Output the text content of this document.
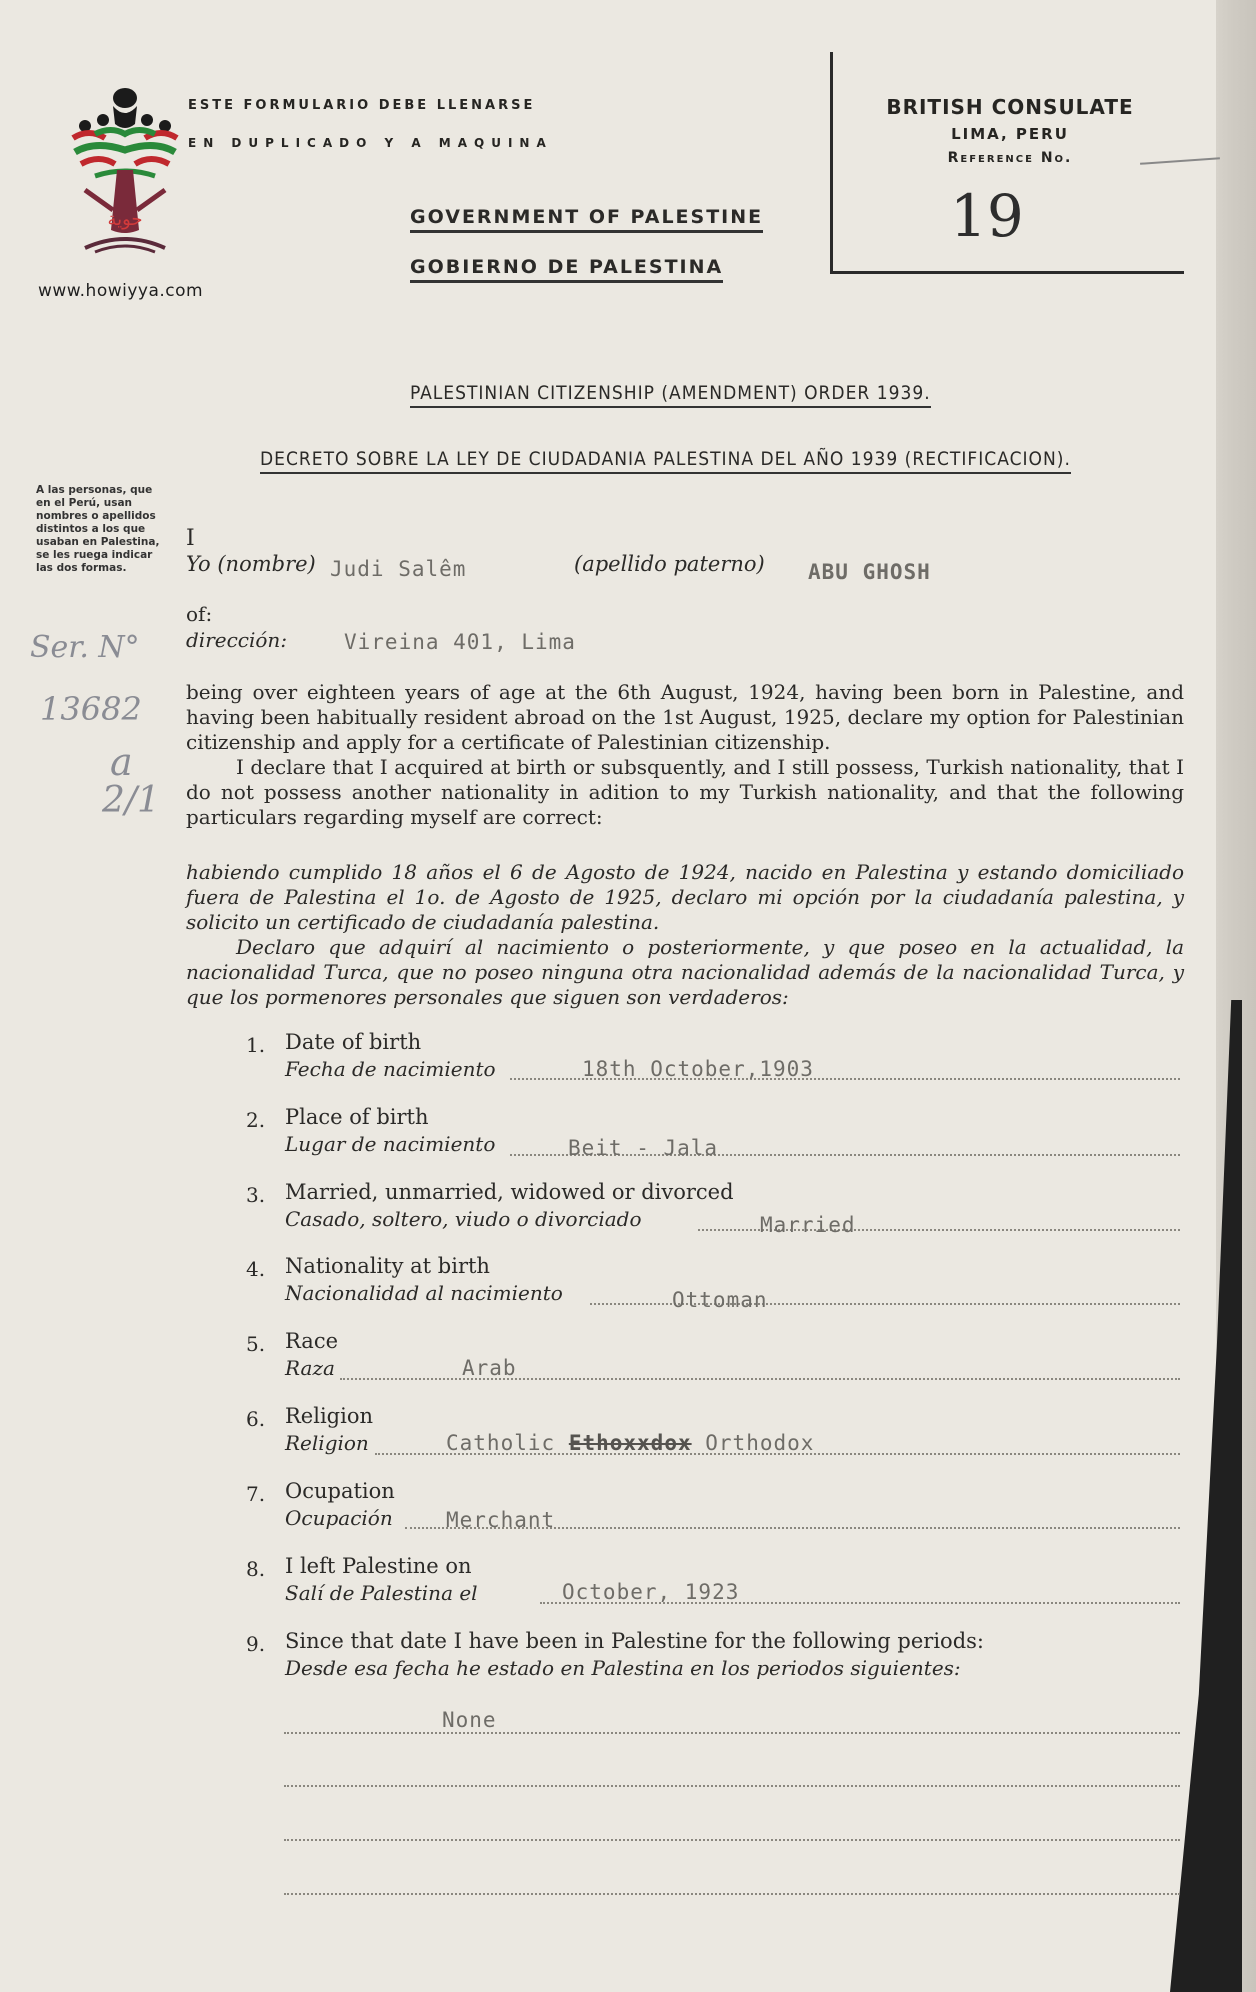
حوية
www.howiyya.com
ESTE FORMULARIO DEBE LLENARSE
EN DUPLICADO Y A MAQUINA
GOVERNMENT OF PALESTINE
GOBIERNO DE PALESTINA
BRITISH CONSULATE
LIMA, PERU
Reference No.
19
PALESTINIAN CITIZENSHIP (AMENDMENT) ORDER 1939.
DECRETO SOBRE LA LEY DE CIUDADANIA PALESTINA DEL AÑO 1939 (RECTIFICACION).
A las personas, que en el Perú, usan nombres o apellidos distintos a los que usaban en Palestina, se les ruega indicar las dos formas.
Ser. N°
13682
a
2/1
I
Yo (nombre) Judi Salêm	(apellido paterno) ABU GHOSH
of:
dirección:	Vireina 401, Lima
being over eighteen years of age at the 6th August, 1924, having been born in Palestine, and having been habitually resident abroad on the 1st August, 1925, declare my option for Palestinian citizenship and apply for a certificate of Palestinian citizenship.
I declare that I acquired at birth or subsquently, and I still possess, Turkish nationality, that I do not possess another nationality in adition to my Turkish nationality, and that the following particulars regarding myself are correct:
habiendo cumplido 18 años el 6 de Agosto de 1924, nacido en Palestina y estando domiciliado fuera de Palestina el 1o. de Agosto de 1925, declaro mi opción por la ciudadanía palestina, y solicito un certificado de ciudadanía palestina.
Declaro que adquirí al nacimiento o posteriormente, y que poseo en la actualidad, la nacionalidad Turca, que no poseo ninguna otra nacionalidad además de la nacionalidad Turca, y que los pormenores personales que siguen son verdaderos:
1. Date of birth
Fecha de nacimiento	18th October,1903
2. Place of birth
Lugar de nacimiento	Beit - Jala
3. Married, unmarried, widowed or divorced
Casado, soltero, viudo o divorciado	Married
4. Nationality at birth
Nacionalidad al nacimiento	Ottoman
5. Race
Raza	Arab
6. Religion
Religion	Catholic Ethoxxdox Orthodox
7. Ocupation
Ocupación	Merchant
8. I left Palestine on
Salí de Palestina el	October, 1923
9. Since that date I have been in Palestine for the following periods:
Desde esa fecha he estado en Palestina en los periodos siguientes:
None
